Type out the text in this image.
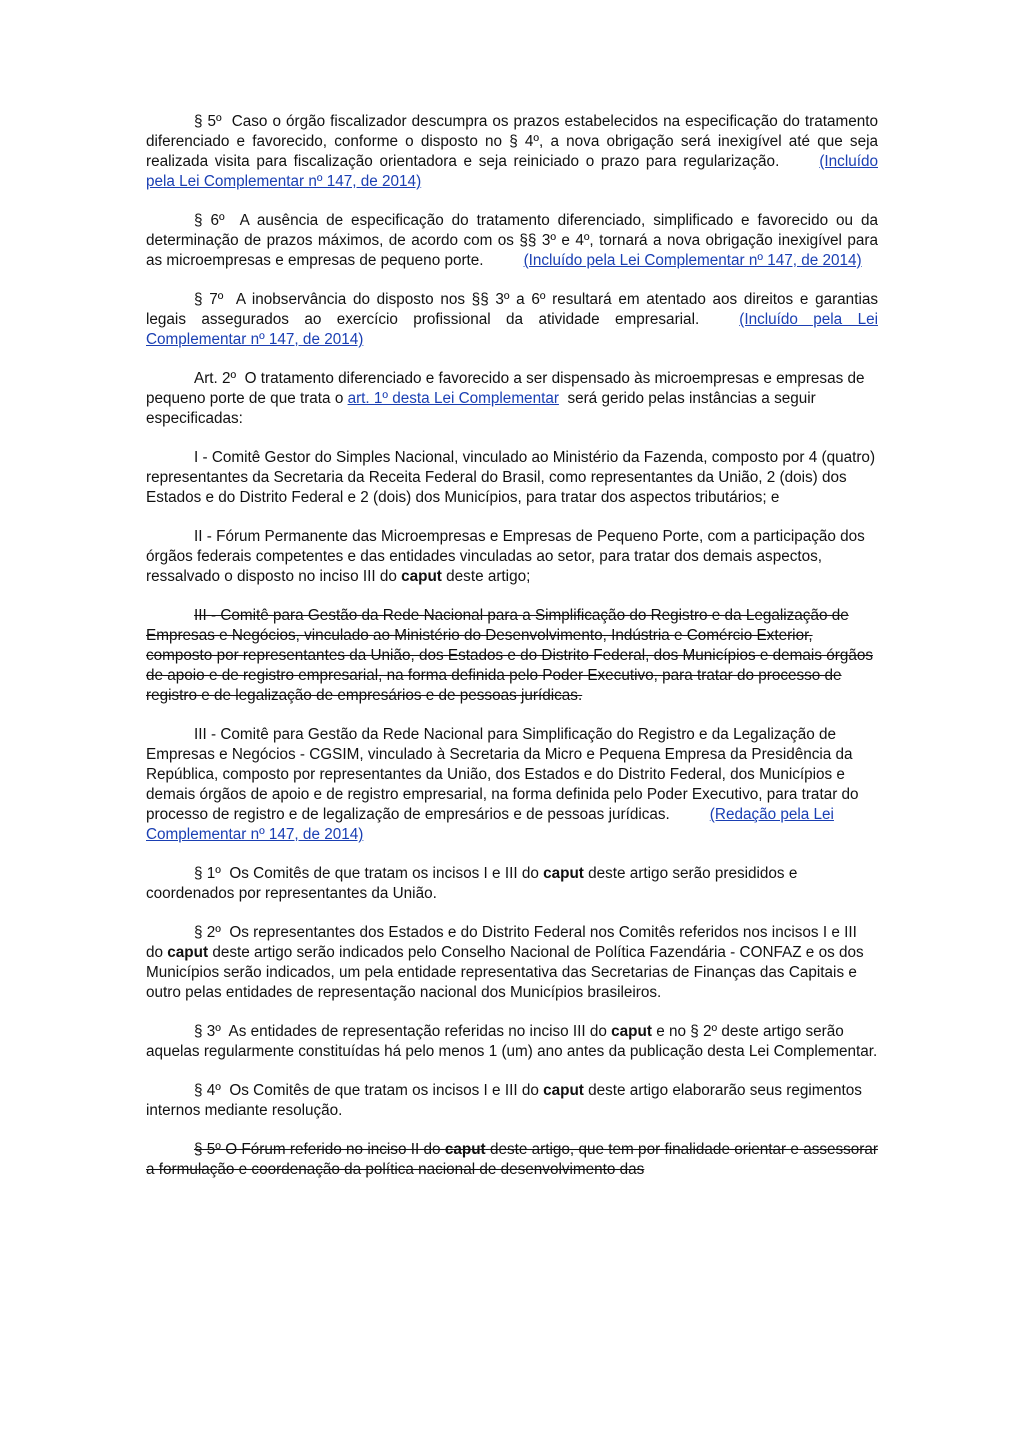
§ 5º Caso o órgão fiscalizador descumpra os prazos estabelecidos na especificação do tratamento diferenciado e favorecido, conforme o disposto no § 4º, a nova obrigação será inexigível até que seja realizada visita para fiscalização orientadora e seja reiniciado o prazo para regularização.	(Incluído pela Lei Complementar nº 147, de 2014)

§ 6º A ausência de especificação do tratamento diferenciado, simplificado e favorecido ou da determinação de prazos máximos, de acordo com os §§ 3º e 4º, tornará a nova obrigação inexigível para as microempresas e empresas de pequeno porte.	(Incluído pela Lei Complementar nº 147, de 2014)

§ 7º A inobservância do disposto nos §§ 3º a 6º resultará em atentado aos direitos e garantias legais assegurados ao exercício profissional da atividade empresarial.	(Incluído pela Lei Complementar nº 147, de 2014)

Art. 2º O tratamento diferenciado e favorecido a ser dispensado às microempresas e empresas de pequeno porte de que trata o art. 1º desta Lei Complementar será gerido pelas instâncias a seguir especificadas:

I - Comitê Gestor do Simples Nacional, vinculado ao Ministério da Fazenda, composto por 4 (quatro) representantes da Secretaria da Receita Federal do Brasil, como representantes da União, 2 (dois) dos Estados e do Distrito Federal e 2 (dois) dos Municípios, para tratar dos aspectos tributários; e

II - Fórum Permanente das Microempresas e Empresas de Pequeno Porte, com a participação dos órgãos federais competentes e das entidades vinculadas ao setor, para tratar dos demais aspectos, ressalvado o disposto no inciso III do caput deste artigo;

III - Comitê para Gestão da Rede Nacional para a Simplificação do Registro e da Legalização de Empresas e Negócios, vinculado ao Ministério do Desenvolvimento, Indústria e Comércio Exterior, composto por representantes da União, dos Estados e do Distrito Federal, dos Municípios e demais órgãos de apoio e de registro empresarial, na forma definida pelo Poder Executivo, para tratar do processo de registro e de legalização de empresários e de pessoas jurídicas.

III - Comitê para Gestão da Rede Nacional para Simplificação do Registro e da Legalização de Empresas e Negócios - CGSIM, vinculado à Secretaria da Micro e Pequena Empresa da Presidência da República, composto por representantes da União, dos Estados e do Distrito Federal, dos Municípios e demais órgãos de apoio e de registro empresarial, na forma definida pelo Poder Executivo, para tratar do processo de registro e de legalização de empresários e de pessoas jurídicas.	(Redação pela Lei Complementar nº 147, de 2014)

§ 1º Os Comitês de que tratam os incisos I e III do caput deste artigo serão presididos e coordenados por representantes da União.

§ 2º Os representantes dos Estados e do Distrito Federal nos Comitês referidos nos incisos I e III do caput deste artigo serão indicados pelo Conselho Nacional de Política Fazendária - CONFAZ e os dos Municípios serão indicados, um pela entidade representativa das Secretarias de Finanças das Capitais e outro pelas entidades de representação nacional dos Municípios brasileiros.

§ 3º As entidades de representação referidas no inciso III do caput e no § 2º deste artigo serão aquelas regularmente constituídas há pelo menos 1 (um) ano antes da publicação desta Lei Complementar.

§ 4º Os Comitês de que tratam os incisos I e III do caput deste artigo elaborarão seus regimentos internos mediante resolução.

§ 5º O Fórum referido no inciso II do caput deste artigo, que tem por finalidade orientar e assessorar a formulação e coordenação da política nacional de desenvolvimento das
